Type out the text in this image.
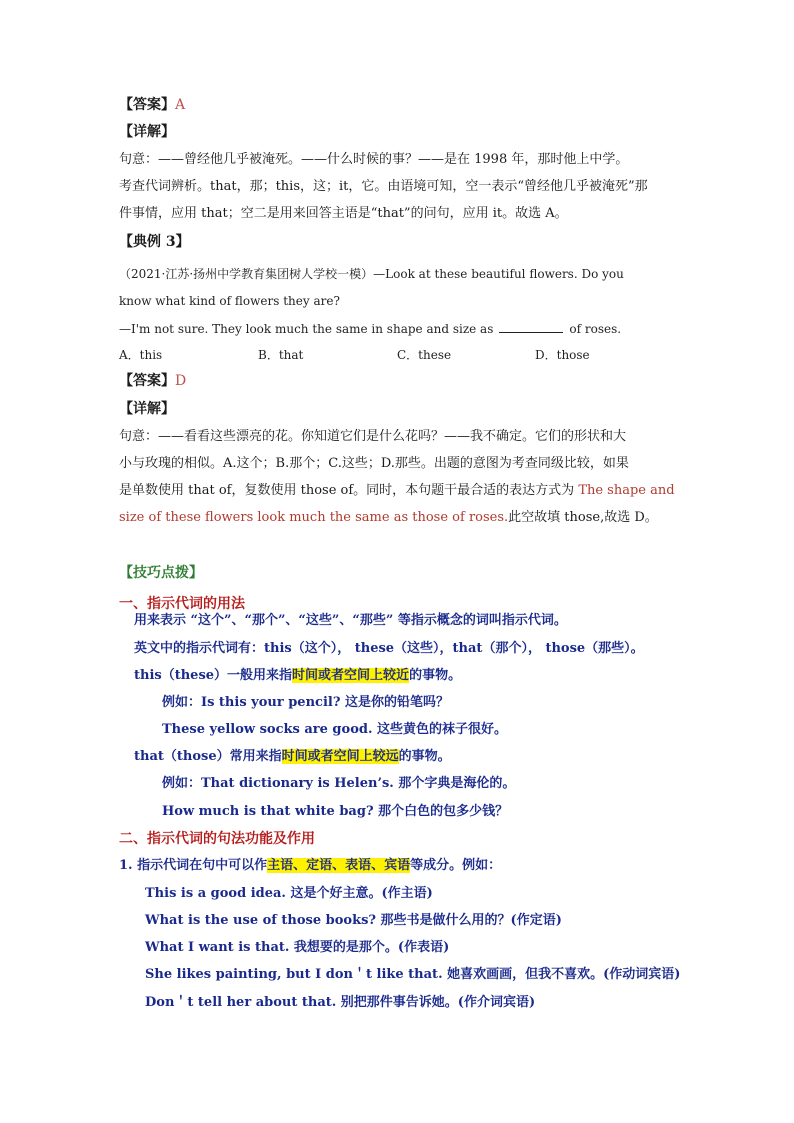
【答案】A
【详解】
句意：——曾经他几乎被淹死。——什么时候的事？——是在 1998 年，那时他上中学。
考查代词辨析。that，那；this，这；it，它。由语境可知，空一表示“曾经他几乎被淹死”那
件事情，应用 that；空二是用来回答主语是“that”的问句，应用 it。故选 A。
【典例 3】
（2021·江苏·扬州中学教育集团树人学校一模）—Look at these beautiful flowers. Do you
know what kind of flowers they are?
—I'm not sure. They look much the same in shape and size as	of roses.
A．this	B．that	C．these	D．those
【答案】D
【详解】
句意：——看看这些漂亮的花。你知道它们是什么花吗？——我不确定。它们的形状和大
小与玫瑰的相似。A.这个；B.那个；C.这些；D.那些。出题的意图为考查同级比较，如果
是单数使用 that of，复数使用 those of。同时，本句题干最合适的表达方式为 The shape and
size of these flowers look much the same as those of roses.此空故填 those,故选 D。
【技巧点拨】
一、指示代词的用法
用来表示 “这个”、“那个”、“这些”、“那些” 等指示概念的词叫指示代词。
英文中的指示代词有：this（这个）， these（这些），that（那个）， those（那些）。
this（these）一般用来指时间或者空间上较近的事物。
例如：Is this your pencil? 这是你的铅笔吗？
These yellow socks are good. 这些黄色的袜子很好。
that（those）常用来指时间或者空间上较远的事物。
例如：That dictionary is Helen’s. 那个字典是海伦的。
How much is that white bag? 那个白色的包多少钱？
二、指示代词的句法功能及作用
1. 指示代词在句中可以作主语、定语、表语、宾语等成分。例如：
This is a good idea. 这是个好主意。(作主语)
What is the use of those books? 那些书是做什么用的？(作定语)
What I want is that. 我想要的是那个。(作表语)
She likes painting, but I don＇t like that. 她喜欢画画，但我不喜欢。(作动词宾语)
Don＇t tell her about that. 别把那件事告诉她。(作介词宾语)
